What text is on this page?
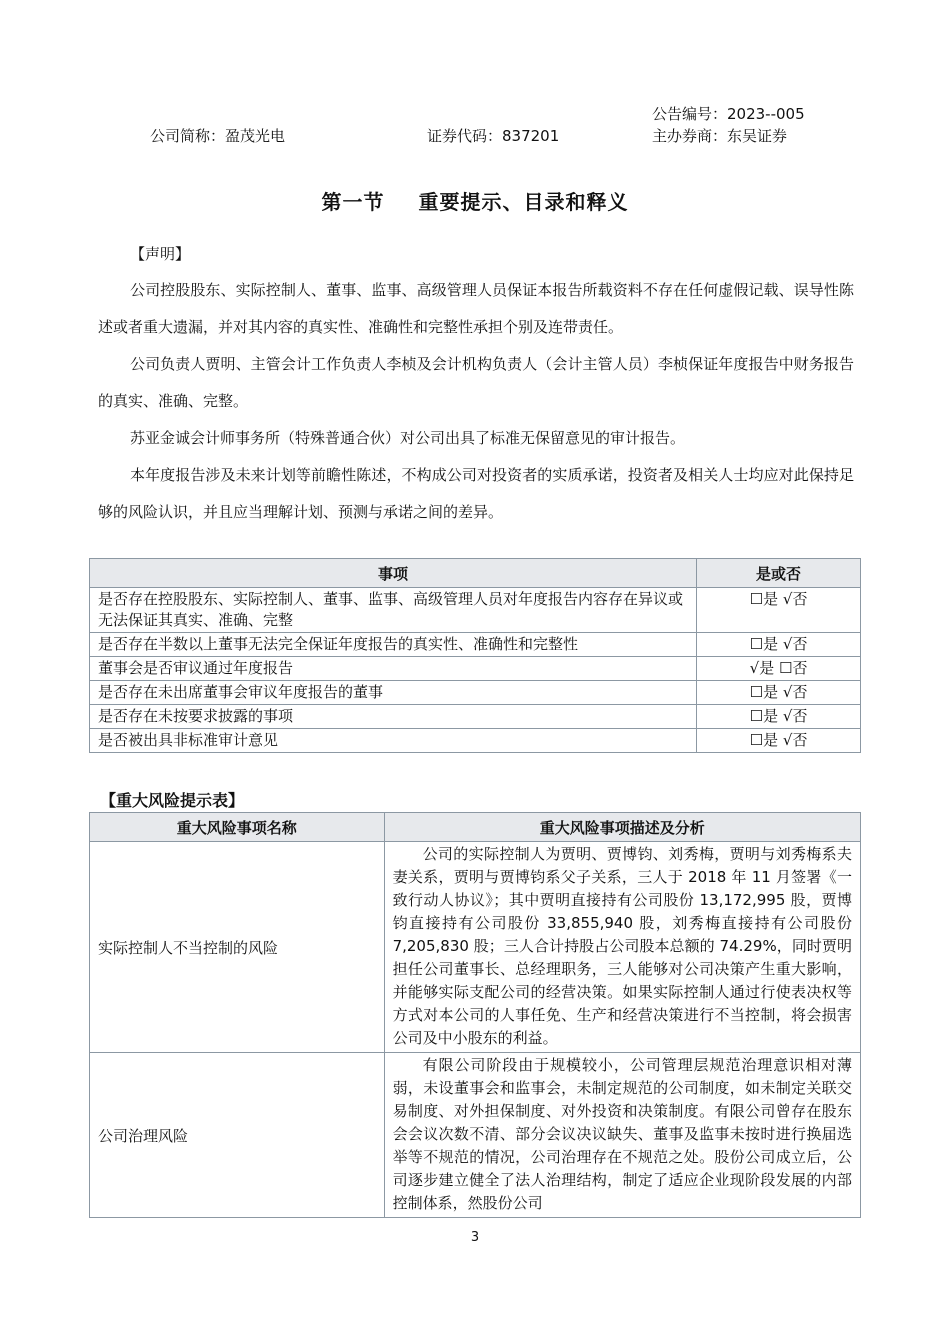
公告编号：2023--005
公司简称：盈茂光电	证券代码：837201	主办券商：东吴证券
第一节 重要提示、目录和释义
【声明】

公司控股股东、实际控制人、董事、监事、高级管理人员保证本报告所载资料不存在任何虚假记载、误导性陈述或者重大遗漏，并对其内容的真实性、准确性和完整性承担个别及连带责任。

公司负责人贾明、主管会计工作负责人李桢及会计机构负责人（会计主管人员）李桢保证年度报告中财务报告的真实、准确、完整。

苏亚金诚会计师事务所（特殊普通合伙）对公司出具了标准无保留意见的审计报告。

本年度报告涉及未来计划等前瞻性陈述，不构成公司对投资者的实质承诺，投资者及相关人士均应对此保持足够的风险认识，并且应当理解计划、预测与承诺之间的差异。

事项	是或否
是否存在控股股东、实际控制人、董事、监事、高级管理人员对年度报告内容存在异议或无法保证其真实、准确、完整	☐是 √否
是否存在半数以上董事无法完全保证年度报告的真实性、准确性和完整性	☐是 √否
董事会是否审议通过年度报告	√是 ☐否
是否存在未出席董事会审议年度报告的董事	☐是 √否
是否存在未按要求披露的事项	☐是 √否
是否被出具非标准审计意见	☐是 √否
【重大风险提示表】
重大风险事项名称	重大风险事项描述及分析
实际控制人不当控制的风险	公司的实际控制人为贾明、贾博钧、刘秀梅，贾明与刘秀梅系夫妻关系，贾明与贾博钧系父子关系，三人于 2018 年 11 月签署《一致行动人协议》；其中贾明直接持有公司股份 13,172,995 股，贾博钧直接持有公司股份 33,855,940 股，刘秀梅直接持有公司股份 7,205,830 股；三人合计持股占公司股本总额的 74.29%，同时贾明担任公司董事长、总经理职务，三人能够对公司决策产生重大影响，并能够实际支配公司的经营决策。如果实际控制人通过行使表决权等方式对本公司的人事任免、生产和经营决策进行不当控制，将会损害公司及中小股东的利益。
公司治理风险	有限公司阶段由于规模较小，公司管理层规范治理意识相对薄弱，未设董事会和监事会，未制定规范的公司制度，如未制定关联交易制度、对外担保制度、对外投资和决策制度。有限公司曾存在股东会会议次数不清、部分会议决议缺失、董事及监事未按时进行换届选举等不规范的情况，公司治理存在不规范之处。股份公司成立后，公司逐步建立健全了法人治理结构，制定了适应企业现阶段发展的内部控制体系，然股份公司
3
